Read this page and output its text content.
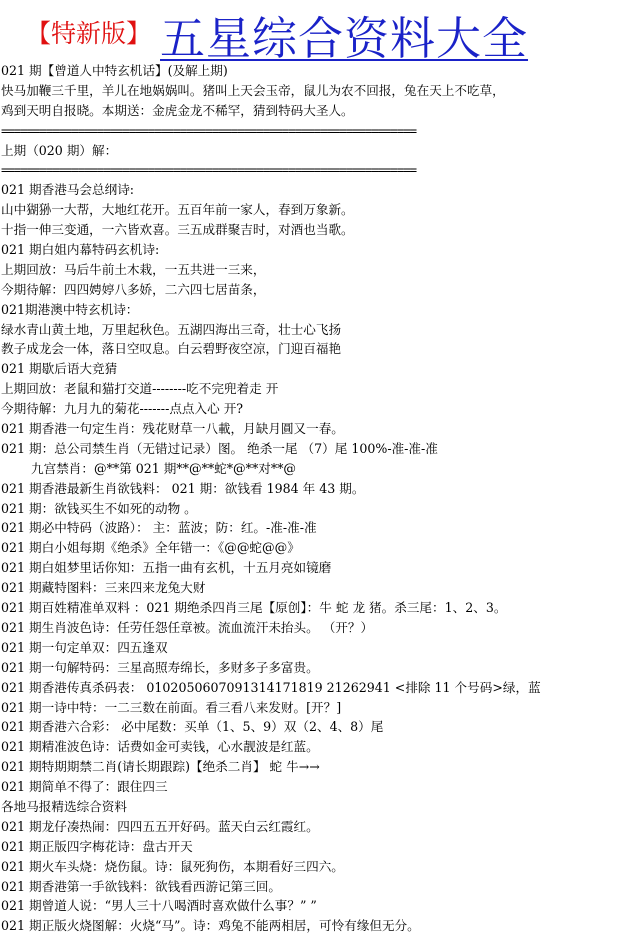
【特新版】 五星综合资料大全
021 期【曾道人中特玄机话】(及解上期)
快马加鞭三千里，羊儿在地娲娲叫。猪叫上天会玉帝，鼠儿为农不回报，兔在天上不吃草，
鸡到天明自报晓。本期送：金虎金龙不稀罕，猜到特码大圣人。
=================================================================
上期（020 期）解：
=================================================================
021 期香港马会总纲诗:
山中猢狲一大帮，大地红花开。五百年前一家人，春到万象新。
十指一伸三变通，一六皆欢喜。三五成群聚吉时，对酒也当歌。
021 期白姐内幕特码玄机诗:
上期回放：马后牛前土木栽，一五共进一三来，
今期待解：四四娉婷八多娇，二六四七居苗条，
021期港澳中特玄机诗：
绿水青山黄土地，万里起秋色。五湖四海出三奇，壮士心飞扬
教子成龙会一体，落日空叹息。白云碧野夜空凉，门迎百福艳
021 期歇后语大竞猜
上期回放：老鼠和猫打交道--------吃不完兜着走 开
今期待解：九月九的菊花-------点点入心 开?
021 期香港一句定生肖：残花财草一八載，月缺月圓又一春。
021 期：总公司禁生肖（无错过记录）图。 绝杀一尾 （7）尾 100%-准-准-准
九宫禁肖：@**第 021 期**@**蛇*@**对**@
021 期香港最新生肖欲钱料： 021 期：欲钱看 1984 年 43 期。
021 期：欲钱买生不如死的动物 。
021 期必中特码（波路）： 主：蓝波；防：红。-准-准-准
021 期白小姐每期《绝杀》全年错一：《@@蛇@@》
021 期白姐梦里话你知：五指一曲有玄机，十五月亮如镜磨
021 期藏特图料：三来四来龙兔大财
021 期百姓精准单双料 ：021 期绝杀四肖三尾【原创】：牛 蛇 龙 猪。杀三尾：1、2、3。
021 期生肖波色诗：任劳任怨任章被。流血流汗未抬头。 （开？）
021 期一句定单双：四五逢双
021 期一句解特码：三星高照寿绵长，多财多子多富贵。
021 期香港传真杀码表： 0102050607091314171819 21262941 <排除 11 个号码>绿，蓝
021 期一诗中特：一二三数在前面。看三看八来发财。[开？]
021 期香港六合彩： 必中尾数：买单（1、5、9）双（2、4、8）尾
021 期精准波色诗：话费如金可卖钱，心水靓波是红蓝。
021 期特期期禁二肖(请长期跟踪)【绝杀二肖】 蛇 牛→→
021 期简单不得了：跟住四三
各地马报精选综合资料
021 期龙仔凑热闹：四四五五开好码。蓝天白云红霞红。
021 期正版四字梅花诗：盘古开天
021 期火车头烧：烧伤鼠。诗：鼠死狗伤，本期看好三四六。
021 期香港第一手欲钱料：欲钱看西游记第三回。
021 期曾道人说：“男人三十八喝酒时喜欢做什么事？” ”
021 期正版火烧图解：火烧“马”。诗：鸡兔不能两相居，可怜有缘但无分。
